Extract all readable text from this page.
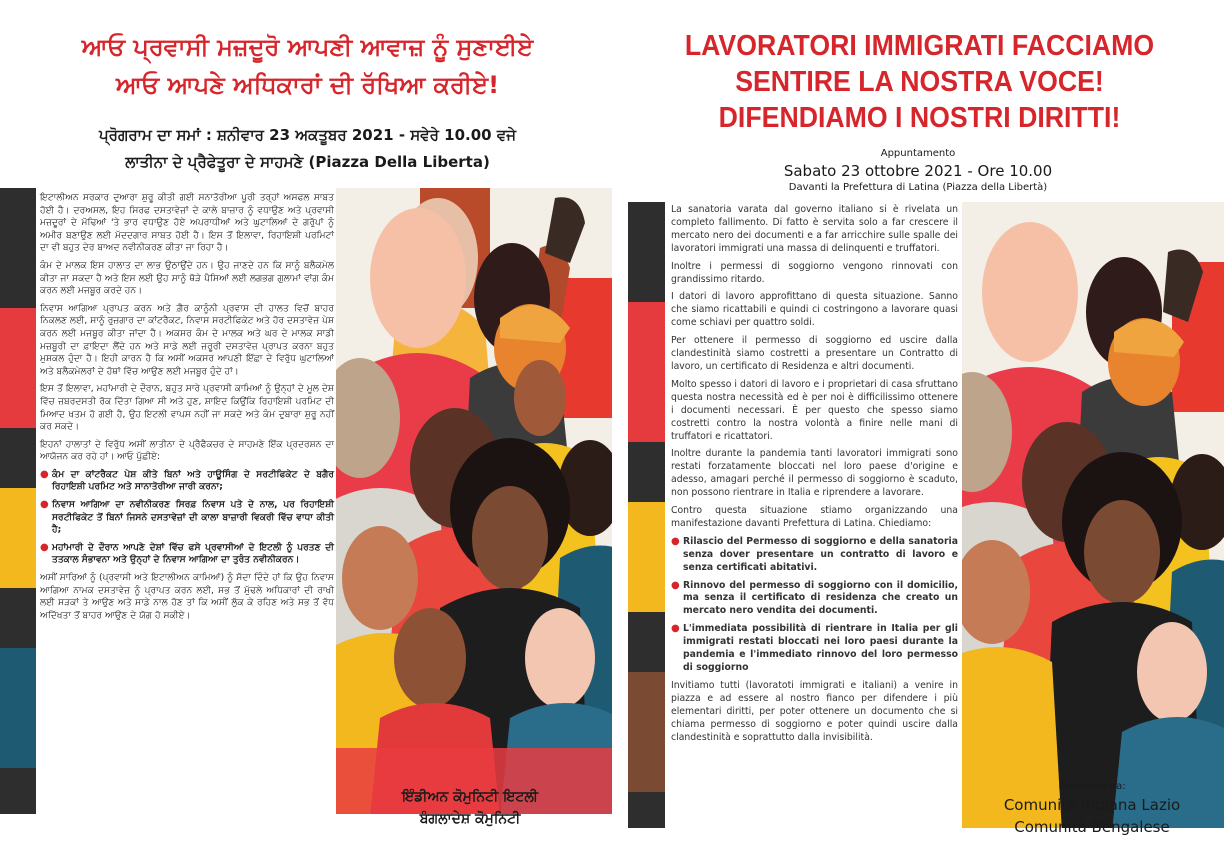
ਆਓ ਪ੍ਰਵਾਸੀ ਮਜ਼ਦੂਰੋ ਆਪਣੀ ਆਵਾਜ਼ ਨੂੰ ਸੁਣਾਈਏ
ਆਓ ਆਪਣੇ ਅਧਿਕਾਰਾਂ ਦੀ ਰੱਖਿਆ ਕਰੀਏ!
ਪ੍ਰੋਗਰਾਮ ਦਾ ਸਮਾਂ : ਸ਼ਨੀਵਾਰ 23 ਅਕਤੂਬਰ 2021 - ਸਵੇਰੇ 10.00 ਵਜੇ
ਲਾਤੀਨਾ ਦੇ ਪ੍ਰੈਫੇਤੂਰਾ ਦੇ ਸਾਹਮਣੇ (Piazza Della Liberta)

ਇਟਾਲੀਅਨ ਸਰਕਾਰ ਦੁਆਰਾ ਸ਼ੁਰੂ ਕੀਤੀ ਗਈ ਸਨਾਤੋਰੀਆ ਪੂਰੀ ਤਰ੍ਹਾਂ ਅਸਫਲ ਸਾਬਤ ਹੋਈ ਹੈ। ਦਰਅਸਲ, ਇਹ ਸਿਰਫ ਦਸਤਾਵੇਜ਼ਾਂ ਦੇ ਕਾਲੇ ਬਾਜ਼ਾਰ ਨੂੰ ਵਧਾਉਣ ਅਤੇ ਪ੍ਰਵਾਸੀ ਮਜ਼ਦੂਰਾਂ ਦੇ ਮੋਢਿਆਂ 'ਤੇ ਭਾਰ ਵਧਾਉਣ ਹੋਏ ਅਪਰਾਧੀਆਂ ਅਤੇ ਘੁਟਾਲਿਆਂ ਦੇ ਗਰੁੱਪਾਂ ਨੂੰ ਅਮੀਰ ਬਣਾਉਣ ਲਈ ਮੱਦਦਗਾਰ ਸਾਬਤ ਹੋਈ ਹੈ। ਇਸ ਤੋਂ ਇਲਾਵਾ, ਰਿਹਾਇਸ਼ੀ ਪਰਮਿਟਾਂ ਦਾ ਵੀ ਬਹੁਤ ਦੇਰ ਬਾਅਦ ਨਵੀਨੀਕਰਣ ਕੀਤਾ ਜਾ ਰਿਹਾ ਹੈ।

ਕੰਮ ਦੇ ਮਾਲਕ ਇਸ ਹਾਲਾਤ ਦਾ ਲਾਭ ਉਠਾਉਂਦੇ ਹਨ। ਉਹ ਜਾਣਦੇ ਹਨ ਕਿ ਸਾਨੂੰ ਬਲੈਕਮੇਲ ਕੀਤਾ ਜਾ ਸਕਦਾ ਹੈ ਅਤੇ ਇਸ ਲਈ ਉਹ ਸਾਨੂੰ ਥੋੜੇ ਪੈਸਿਆਂ ਲਈ ਲਗਭਗ ਗੁਲਾਮਾਂ ਵਾਂਗ ਕੰਮ ਕਰਨ ਲਈ ਮਜਬੂਰ ਕਰਦੇ ਹਨ।

ਨਿਵਾਸ ਆਗਿਆ ਪ੍ਰਾਪਤ ਕਰਨ ਅਤੇ ਗ਼ੈਰ ਕਾਨੂੰਨੀ ਪ੍ਰਵਾਸ ਦੀ ਹਾਲਤ ਵਿਚੋਂ ਬਾਹਰ ਨਿਕਲਣ ਲਈ, ਸਾਨੂੰ ਰੁਜ਼ਗਾਰ ਦਾ ਕਾਂਟਰੈਕਟ, ਨਿਵਾਸ ਸਰਟੀਫਿਕੇਟ ਅਤੇ ਹੋਰ ਦਸਤਾਵੇਜ਼ ਪੇਸ਼ ਕਰਨ ਲਈ ਮਜਬੂਰ ਕੀਤਾ ਜਾਂਦਾ ਹੈ। ਅਕਸਰ ਕੰਮ ਦੇ ਮਾਲਕ ਅਤੇ ਘਰ ਦੇ ਮਾਲਕ ਸਾਡੀ ਮਜ਼ਬੂਰੀ ਦਾ ਫ਼ਾਇਦਾ ਲੈਂਦੇ ਹਨ ਅਤੇ ਸਾਡੇ ਲਈ ਜ਼ਰੂਰੀ ਦਸਤਾਵੇਜ਼ ਪ੍ਰਾਪਤ ਕਰਨਾ ਬਹੁਤ ਮੁਸ਼ਕਲ ਹੁੰਦਾ ਹੈ। ਇਹੀ ਕਾਰਨ ਹੈ ਕਿ ਅਸੀਂ ਅਕਸਰ ਆਪਣੀ ਇੱਛਾ ਦੇ ਵਿਰੁੱਧ ਘੁਟਾਲਿਆਂ ਅਤੇ ਬਲੈਕਮੇਲਰਾਂ ਦੇ ਹੱਥਾਂ ਵਿੱਚ ਆਉਣ ਲਈ ਮਜਬੂਰ ਹੁੰਦੇ ਹਾਂ।

ਇਸ ਤੋਂ ਇਲਾਵਾ, ਮਹਾਂਮਾਰੀ ਦੇ ਦੌਰਾਨ, ਬਹੁਤ ਸਾਰੇ ਪ੍ਰਵਾਸੀ ਕਾਮਿਆਂ ਨੂੰ ਉਨ੍ਹਾਂ ਦੇ ਮੂਲ ਦੇਸ਼ ਵਿੱਚ ਜ਼ਬਰਦਸਤੀ ਰੋਕ ਦਿੱਤਾ ਗਿਆ ਸੀ ਅਤੇ ਹੁਣ, ਸ਼ਾਇਦ ਕਿਉਂਕਿ ਰਿਹਾਇਸ਼ੀ ਪਰਮਿਟ ਦੀ ਮਿਆਦ ਖਤਮ ਹੋ ਗਈ ਹੈ, ਉਹ ਇਟਲੀ ਵਾਪਸ ਨਹੀਂ ਜਾ ਸਕਦੇ ਅਤੇ ਕੰਮ ਦੁਬਾਰਾ ਸ਼ੁਰੂ ਨਹੀਂ ਕਰ ਸਕਦੇ।

ਇਹਨਾਂ ਹਾਲਾਤਾਂ ਦੇ ਵਿਰੁੱਧ ਅਸੀਂ ਲਾਤੀਨਾ ਦੇ ਪ੍ਰੈਫੈਕਚਰ ਦੇ ਸਾਹਮਣੇ ਇੱਕ ਪ੍ਰਦਰਸ਼ਨ ਦਾ ਆਯੋਜਨ ਕਰ ਰਹੇ ਹਾਂ। ਆਓ ਪੁੱਛੀਏ:

● ਕੰਮ ਦਾ ਕਾਂਟਰੈਕਟ ਪੇਸ਼ ਕੀਤੇ ਬਿਨਾਂ ਅਤੇ ਹਾਊਸਿੰਗ ਦੇ ਸਰਟੀਫਿਕੇਟ ਦੇ ਬਗੈਰ ਰਿਹਾਇਸ਼ੀ ਪਰਮਿਟ ਅਤੇ ਸਾਨਾਤੋਰੀਆ ਜਾਰੀ ਕਰਨਾ;
● ਨਿਵਾਸ ਆਗਿਆ ਦਾ ਨਵੀਨੀਕਰਣ ਸਿਰਫ਼ ਨਿਵਾਸ ਪਤੇ ਦੇ ਨਾਲ, ਪਰ ਰਿਹਾਇਸ਼ੀ ਸਰਟੀਫਿਕੇਟ ਤੋਂ ਬਿਨਾਂ ਜਿਸਨੇ ਦਸਤਾਵੇਜ਼ਾਂ ਦੀ ਕਾਲਾ ਬਾਜ਼ਾਰੀ ਵਿਕਰੀ ਵਿੱਚ ਵਾਧਾ ਕੀਤੀ ਹੈ;
● ਮਹਾਂਮਾਰੀ ਦੇ ਦੌਰਾਨ ਆਪਣੇ ਦੇਸ਼ਾਂ ਵਿੱਚ ਫਸੇ ਪ੍ਰਵਾਸੀਆਂ ਦੇ ਇਟਲੀ ਨੂੰ ਪਰਤਣ ਦੀ ਤਤਕਾਲ ਸੰਭਾਵਨਾ ਅਤੇ ਉਨ੍ਹਾਂ ਦੇ ਨਿਵਾਸ ਆਗਿਆ ਦਾ ਤੁਰੰਤ ਨਵੀਨੀਕਰਨ।

ਅਸੀਂ ਸਾਰਿਆਂ ਨੂੰ (ਪ੍ਰਵਾਸੀ ਅਤੇ ਇਟਾਲੀਅਨ ਕਾਮਿਆਂ) ਨੂੰ ਸੱਦਾ ਦਿੰਦੇ ਹਾਂ ਕਿ ਉਹ ਨਿਵਾਸ ਆਗਿਆ ਨਾਮਕ ਦਸਤਾਵੇਜ਼ ਨੂੰ ਪ੍ਰਾਪਤ ਕਰਨ ਲਈ, ਸਭ ਤੋਂ ਮੁੱਢਲੇ ਅਧਿਕਾਰਾਂ ਦੀ ਰਾਖੀ ਲਈ ਸੜਕਾਂ ਤੇ ਆਉਣ ਅਤੇ ਸਾਡੇ ਨਾਲ ਹੋਣ ਤਾਂ ਕਿ ਅਸੀਂ ਲੁੱਕ ਕੇ ਰਹਿਣ ਅਤੇ ਸਭ ਤੋਂ ਵੱਧ ਅਦਿੱਖਤਾ ਤੋਂ ਬਾਹਰ ਆਉਣ ਦੇ ਯੋਗ ਹੋ ਸਕੀਏ।

ਇੰਡੀਅਨ ਕੋਮੁਨਿਟੀ ਇਟਲੀ
ਬੰਗਲਾਦੇਸ਼ ਕੋਮੁਨਿਟੀ
LAVORATORI IMMIGRATI FACCIAMO
SENTIRE LA NOSTRA VOCE!
DIFENDIAMO I NOSTRI DIRITTI!
Appuntamento
Sabato 23 ottobre 2021 - Ore 10.00
Davanti la Prefettura di Latina (Piazza della Libertà)

La sanatoria varata dal governo italiano si è rivelata un completo fallimento. Di fatto è servita solo a far crescere il mercato nero dei documenti e a far arricchire sulle spalle dei lavoratori immigrati una massa di delinquenti e truffatori.

Inoltre i permessi di soggiorno vengono rinnovati con grandissimo ritardo.

I datori di lavoro approfittano di questa situazione. Sanno che siamo ricattabili e quindi ci costringono a lavorare quasi come schiavi per quattro soldi.

Per ottenere il permesso di soggiorno ed uscire dalla clandestinità siamo costretti a presentare un Contratto di lavoro, un certificato di Residenza e altri documenti.

Molto spesso i datori di lavoro e i proprietari di casa sfruttano questa nostra necessità ed è per noi è difficilissimo ottenere i documenti necessari. È per questo che spesso siamo costretti contro la nostra volontà a finire nelle mani di truffatori e ricattatori.

Inoltre durante la pandemia tanti lavoratori immigrati sono restati forzatamente bloccati nel loro paese d'origine e adesso, amagari perché il permesso di soggiorno è scaduto, non possono rientrare in Italia e riprendere a lavorare.

Contro questa situazione stiamo organizzando una manifestazione davanti Prefettura di Latina. Chiediamo:

● Rilascio del Permesso di soggiorno e della sanatoria senza dover presentare un contratto di lavoro e senza certificati abitativi.
● Rinnovo del permesso di soggiorno con il domicilio, ma senza il certificato di residenza che creato un mercato nero vendita dei documenti.
● L'immediata possibilità di rientrare in Italia per gli immigrati restati bloccati nei loro paesi durante la pandemia e l'immediato rinnovo del loro permesso di soggiorno

Invitiamo tutti (lavoratoti immigrati e italiani) a venire in piazza e ad essere al nostro fianco per difendere i più elementari diritti, per poter ottenere un documento che si chiama permesso di soggiorno e poter quindi uscire dalla clandestinità e soprattutto dalla invisibilità.

Promosso da:
Comunità Indiana Lazio
Comunità Bengalese
